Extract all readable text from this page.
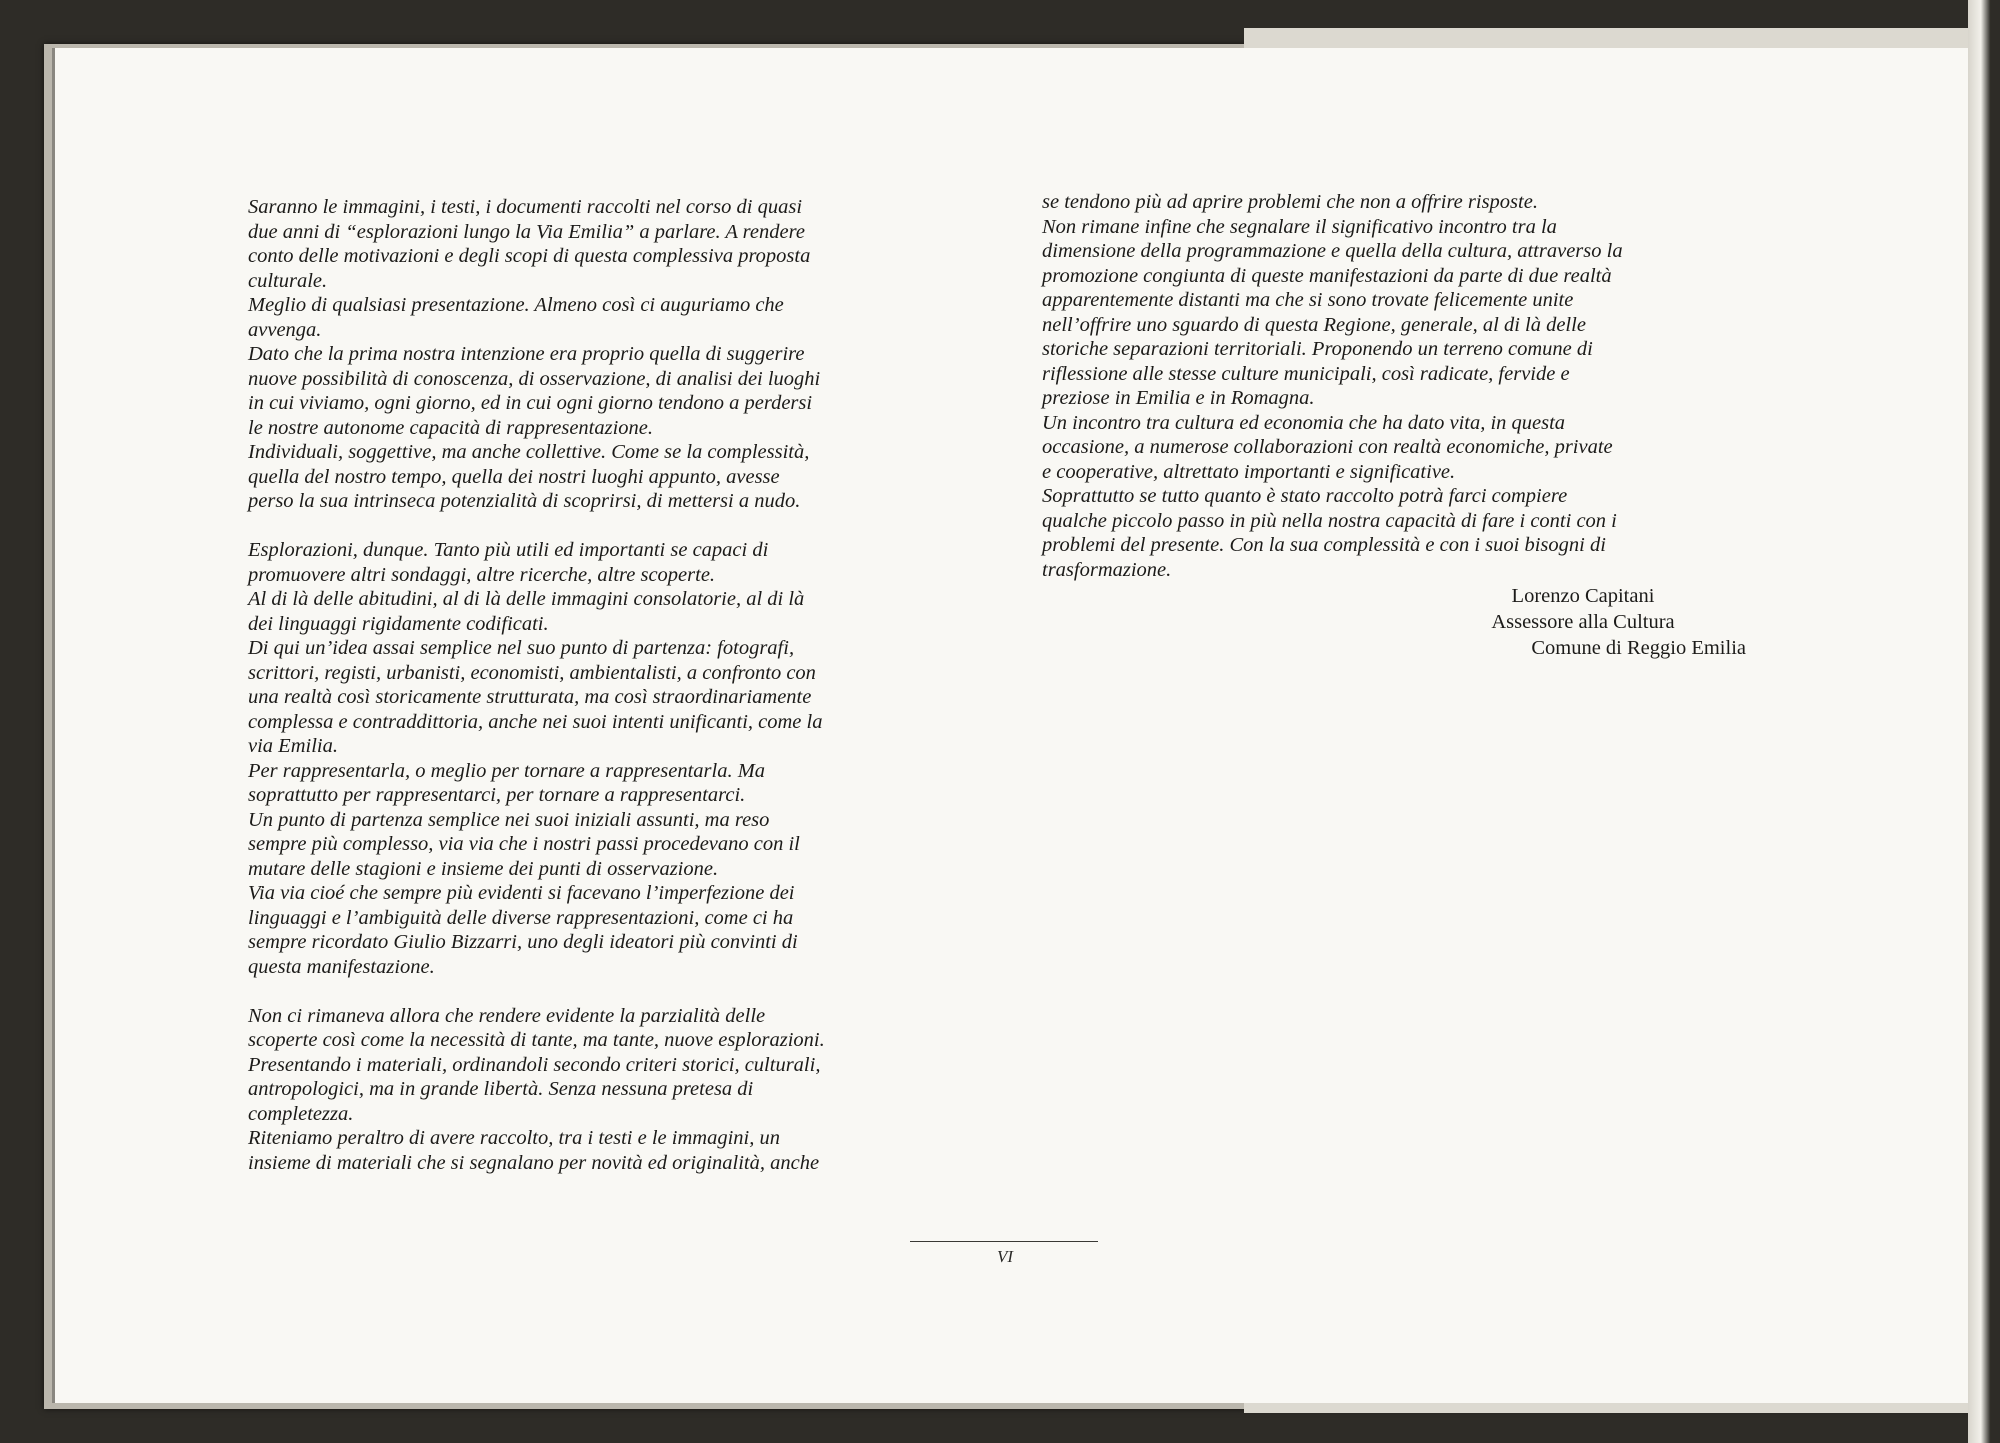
Saranno le immagini, i testi, i documenti raccolti nel corso di quasi
due anni di “esplorazioni lungo la Via Emilia” a parlare. A rendere
conto delle motivazioni e degli scopi di questa complessiva proposta
culturale.
Meglio di qualsiasi presentazione. Almeno così ci auguriamo che
avvenga.
Dato che la prima nostra intenzione era proprio quella di suggerire
nuove possibilità di conoscenza, di osservazione, di analisi dei luoghi
in cui viviamo, ogni giorno, ed in cui ogni giorno tendono a perdersi
le nostre autonome capacità di rappresentazione.
Individuali, soggettive, ma anche collettive. Come se la complessità,
quella del nostro tempo, quella dei nostri luoghi appunto, avesse
perso la sua intrinseca potenzialità di scoprirsi, di mettersi a nudo.
Esplorazioni, dunque. Tanto più utili ed importanti se capaci di
promuovere altri sondaggi, altre ricerche, altre scoperte.
Al di là delle abitudini, al di là delle immagini consolatorie, al di là
dei linguaggi rigidamente codificati.
Di qui un’idea assai semplice nel suo punto di partenza: fotografi,
scrittori, registi, urbanisti, economisti, ambientalisti, a confronto con
una realtà così storicamente strutturata, ma così straordinariamente
complessa e contraddittoria, anche nei suoi intenti unificanti, come la
via Emilia.
Per rappresentarla, o meglio per tornare a rappresentarla. Ma
soprattutto per rappresentarci, per tornare a rappresentarci.
Un punto di partenza semplice nei suoi iniziali assunti, ma reso
sempre più complesso, via via che i nostri passi procedevano con il
mutare delle stagioni e insieme dei punti di osservazione.
Via via cioé che sempre più evidenti si facevano l’imperfezione dei
linguaggi e l’ambiguità delle diverse rappresentazioni, come ci ha
sempre ricordato Giulio Bizzarri, uno degli ideatori più convinti di
questa manifestazione.
Non ci rimaneva allora che rendere evidente la parzialità delle
scoperte così come la necessità di tante, ma tante, nuove esplorazioni.
Presentando i materiali, ordinandoli secondo criteri storici, culturali,
antropologici, ma in grande libertà. Senza nessuna pretesa di
completezza.
Riteniamo peraltro di avere raccolto, tra i testi e le immagini, un
insieme di materiali che si segnalano per novità ed originalità, anche
se tendono più ad aprire problemi che non a offrire risposte.
Non rimane infine che segnalare il significativo incontro tra la
dimensione della programmazione e quella della cultura, attraverso la
promozione congiunta di queste manifestazioni da parte di due realtà
apparentemente distanti ma che si sono trovate felicemente unite
nell’offrire uno sguardo di questa Regione, generale, al di là delle
storiche separazioni territoriali. Proponendo un terreno comune di
riflessione alle stesse culture municipali, così radicate, fervide e
preziose in Emilia e in Romagna.
Un incontro tra cultura ed economia che ha dato vita, in questa
occasione, a numerose collaborazioni con realtà economiche, private
e cooperative, altrettato importanti e significative.
Soprattutto se tutto quanto è stato raccolto potrà farci compiere
qualche piccolo passo in più nella nostra capacità di fare i conti con i
problemi del presente. Con la sua complessità e con i suoi bisogni di
trasformazione.
Lorenzo Capitani
Assessore alla Cultura
Comune di Reggio Emilia
VI
